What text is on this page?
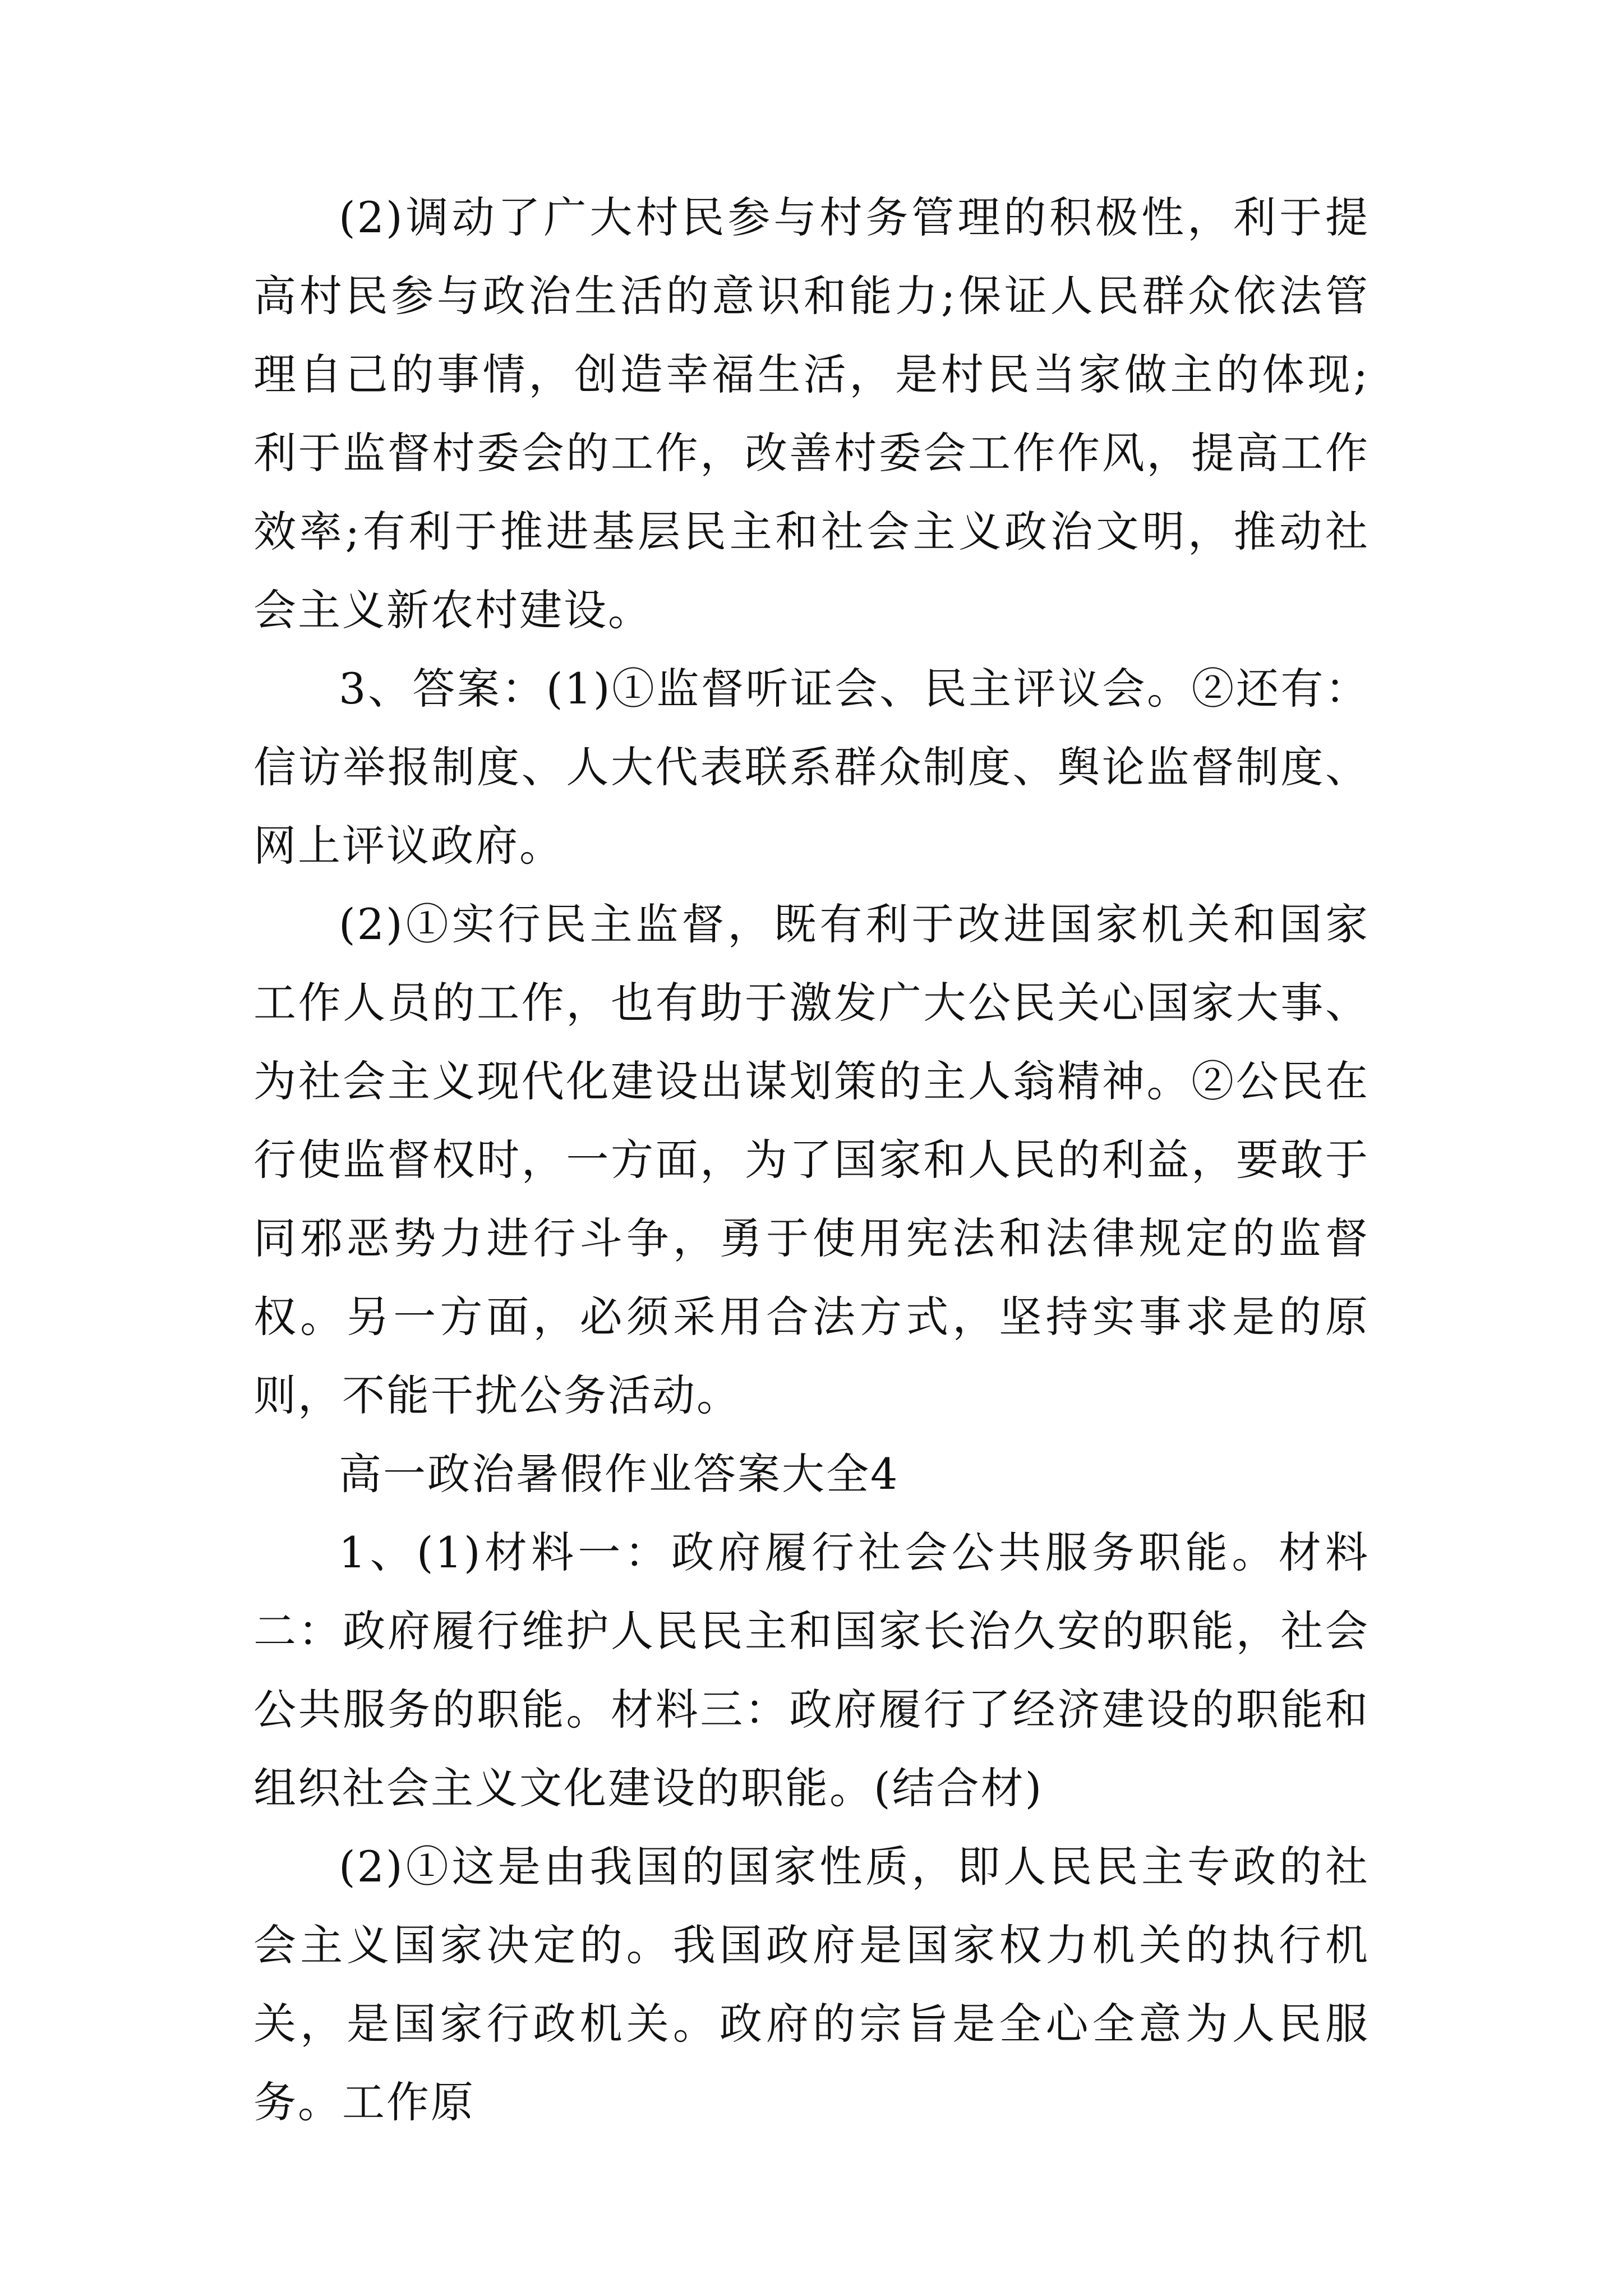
(2)调动了广大村民参与村务管理的积极性，利于提高村民参与政治生活的意识和能力;保证人民群众依法管理自己的事情，创造幸福生活，是村民当家做主的体现;利于监督村委会的工作，改善村委会工作作风，提高工作效率;有利于推进基层民主和社会主义政治文明，推动社会主义新农村建设。

3、答案：(1)①监督听证会、民主评议会。②还有：信访举报制度、人大代表联系群众制度、舆论监督制度、网上评议政府。

(2)①实行民主监督，既有利于改进国家机关和国家工作人员的工作，也有助于激发广大公民关心国家大事、为社会主义现代化建设出谋划策的主人翁精神。②公民在行使监督权时，一方面，为了国家和人民的利益，要敢于同邪恶势力进行斗争，勇于使用宪法和法律规定的监督权。另一方面，必须采用合法方式，坚持实事求是的原则，不能干扰公务活动。

高一政治暑假作业答案大全4

1、(1)材料一：政府履行社会公共服务职能。材料二：政府履行维护人民民主和国家长治久安的职能，社会公共服务的职能。材料三：政府履行了经济建设的职能和组织社会主义文化建设的职能。(结合材)

(2)①这是由我国的国家性质，即人民民主专政的社会主义国家决定的。我国政府是国家权力机关的执行机关，是国家行政机关。政府的宗旨是全心全意为人民服务。工作原
